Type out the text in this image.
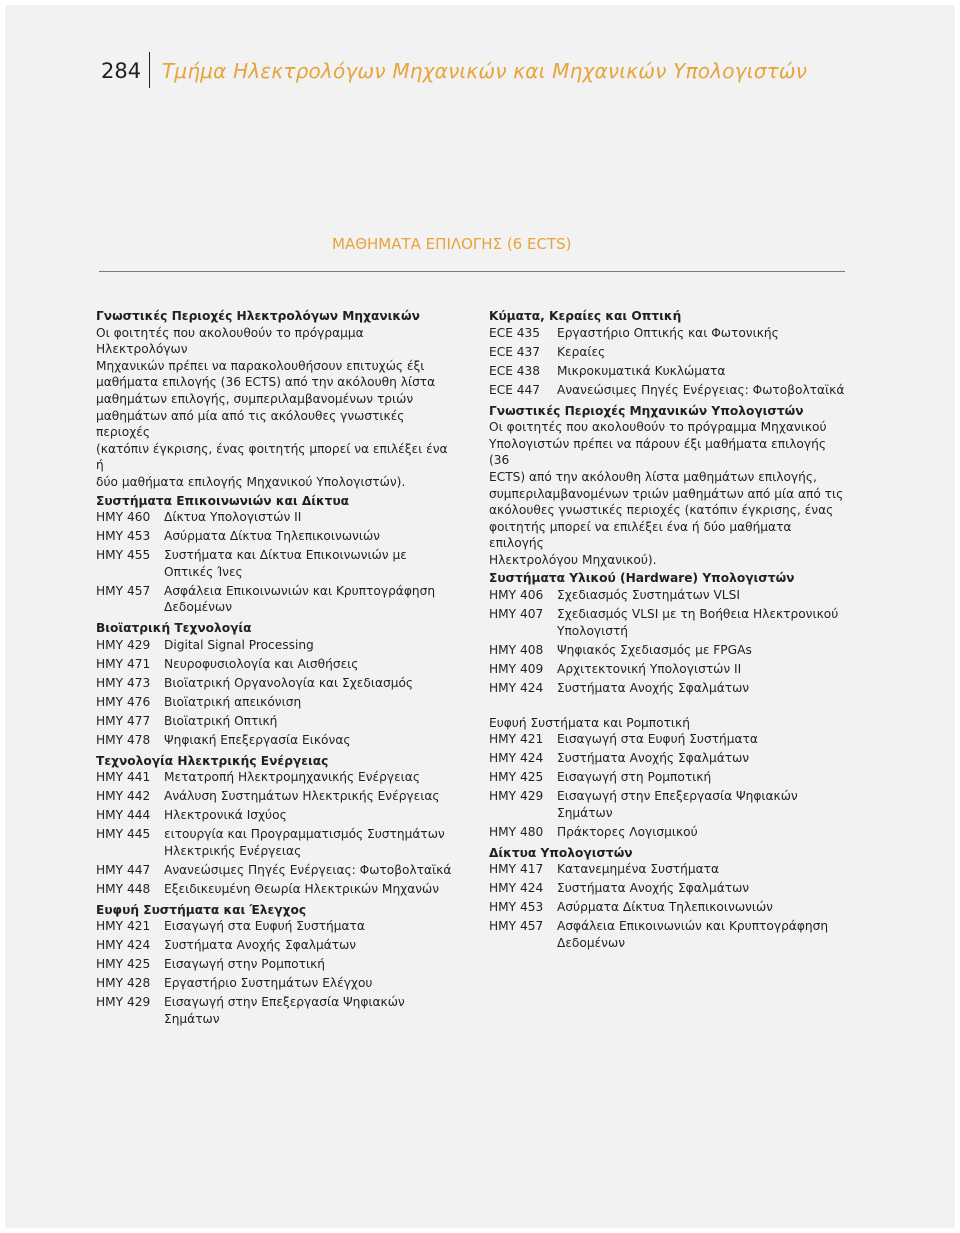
284 Τμήμα Ηλεκτρολόγων Μηχανικών και Μηχανικών Υπολογιστών
ΜΑΘΗΜΑΤΑ ΕΠΙΛΟΓΗΣ (6 ECTS)

Γνωστικές Περιοχές Ηλεκτρολόγων Μηχανικών

Οι φοιτητές που ακολουθούν το πρόγραμμα Ηλεκτρολόγων

Μηχανικών πρέπει να παρακολουθήσουν επιτυχώς έξι

μαθήματα επιλογής (36 ECTS) από την ακόλουθη λίστα

μαθημάτων επιλογής, συμπεριλαμβανομένων τριών

μαθημάτων από μία από τις ακόλουθες γνωστικές περιοχές

(κατόπιν έγκρισης, ένας φοιτητής μπορεί να επιλέξει ένα ή

δύο μαθήματα επιλογής Μηχανικού Υπολογιστών).

Συστήματα Επικοινωνιών και Δίκτυα

ΗΜΥ 460 Δίκτυα Υπολογιστών ΙΙ
ΗΜΥ 453 Ασύρματα Δίκτυα Τηλεπικοινωνιών
ΗΜΥ 455 Συστήματα και Δίκτυα Επικοινωνιών με Οπτικές Ίνες
ΗΜΥ 457 Ασφάλεια Επικοινωνιών και Κρυπτογράφηση Δεδομένων

Βιοϊατρική Τεχνολογία

ΗΜΥ 429 Digital Signal Processing
ΗΜΥ 471 Νευροφυσιολογία και Αισθήσεις
ΗΜΥ 473 Βιοϊατρική Οργανολογία και Σχεδιασμός
ΗΜΥ 476 Βιοϊατρική απεικόνιση
ΗΜΥ 477 Βιοϊατρική Οπτική
ΗΜΥ 478 Ψηφιακή Επεξεργασία Εικόνας

Τεχνολογία Ηλεκτρικής Ενέργειας

ΗΜΥ 441 Μετατροπή Ηλεκτρομηχανικής Ενέργειας
ΗΜΥ 442 Ανάλυση Συστημάτων Ηλεκτρικής Ενέργειας
ΗΜΥ 444 Ηλεκτρονικά Ισχύος
ΗΜΥ 445 ειτουργία και Προγραμματισμός Συστημάτων Ηλεκτρικής Ενέργειας
ΗΜΥ 447 Ανανεώσιμες Πηγές Ενέργειας: Φωτοβολταϊκά
ΗΜΥ 448 Εξειδικευμένη Θεωρία Ηλεκτρικών Μηχανών

Ευφυή Συστήματα και Έλεγχος

ΗΜΥ 421 Εισαγωγή στα Ευφυή Συστήματα
ΗΜΥ 424 Συστήματα Ανοχής Σφαλμάτων
ΗΜΥ 425 Εισαγωγή στην Ρομποτική
ΗΜΥ 428 Εργαστήριο Συστημάτων Ελέγχου
ΗΜΥ 429 Εισαγωγή στην Επεξεργασία Ψηφιακών Σημάτων

Κύματα, Κεραίες και Οπτική

ECE 435 Εργαστήριο Οπτικής και Φωτονικής
ECE 437 Κεραίες
ECE 438 Μικροκυματικά Κυκλώματα
ECE 447 Ανανεώσιμες Πηγές Ενέργειας: Φωτοβολταϊκά

Γνωστικές Περιοχές Μηχανικών Υπολογιστών

Οι φοιτητές που ακολουθούν το πρόγραμμα Μηχανικού

Υπολογιστών πρέπει να πάρουν έξι μαθήματα επιλογής (36

ECTS) από την ακόλουθη λίστα μαθημάτων επιλογής,

συμπεριλαμβανομένων τριών μαθημάτων από μία από τις

ακόλουθες γνωστικές περιοχές (κατόπιν έγκρισης, ένας

φοιτητής μπορεί να επιλέξει ένα ή δύο μαθήματα επιλογής

Ηλεκτρολόγου Μηχανικού).

Συστήματα Υλικού (Hardware) Υπολογιστών

ΗΜΥ 406 Σχεδιασμός Συστημάτων VLSI
ΗΜΥ 407 Σχεδιασμός VLSI με τη Βοήθεια Ηλεκτρονικού Υπολογιστή
ΗΜΥ 408 Ψηφιακός Σχεδιασμός με FPGAs
ΗΜΥ 409 Αρχιτεκτονική Υπολογιστών ΙΙ
ΗΜΥ 424 Συστήματα Ανοχής Σφαλμάτων

Ευφυή Συστήματα και Ρομποτική

ΗΜΥ 421 Εισαγωγή στα Ευφυή Συστήματα
ΗΜΥ 424 Συστήματα Ανοχής Σφαλμάτων
ΗΜΥ 425 Εισαγωγή στη Ρομποτική
ΗΜΥ 429 Εισαγωγή στην Επεξεργασία Ψηφιακών Σημάτων
ΗΜΥ 480 Πράκτορες Λογισμικού

Δίκτυα Υπολογιστών

ΗΜΥ 417 Κατανεμημένα Συστήματα
ΗΜΥ 424 Συστήματα Ανοχής Σφαλμάτων
ΗΜΥ 453 Ασύρματα Δίκτυα Τηλεπικοινωνιών
ΗΜΥ 457 Ασφάλεια Επικοινωνιών και Κρυπτογράφηση Δεδομένων
